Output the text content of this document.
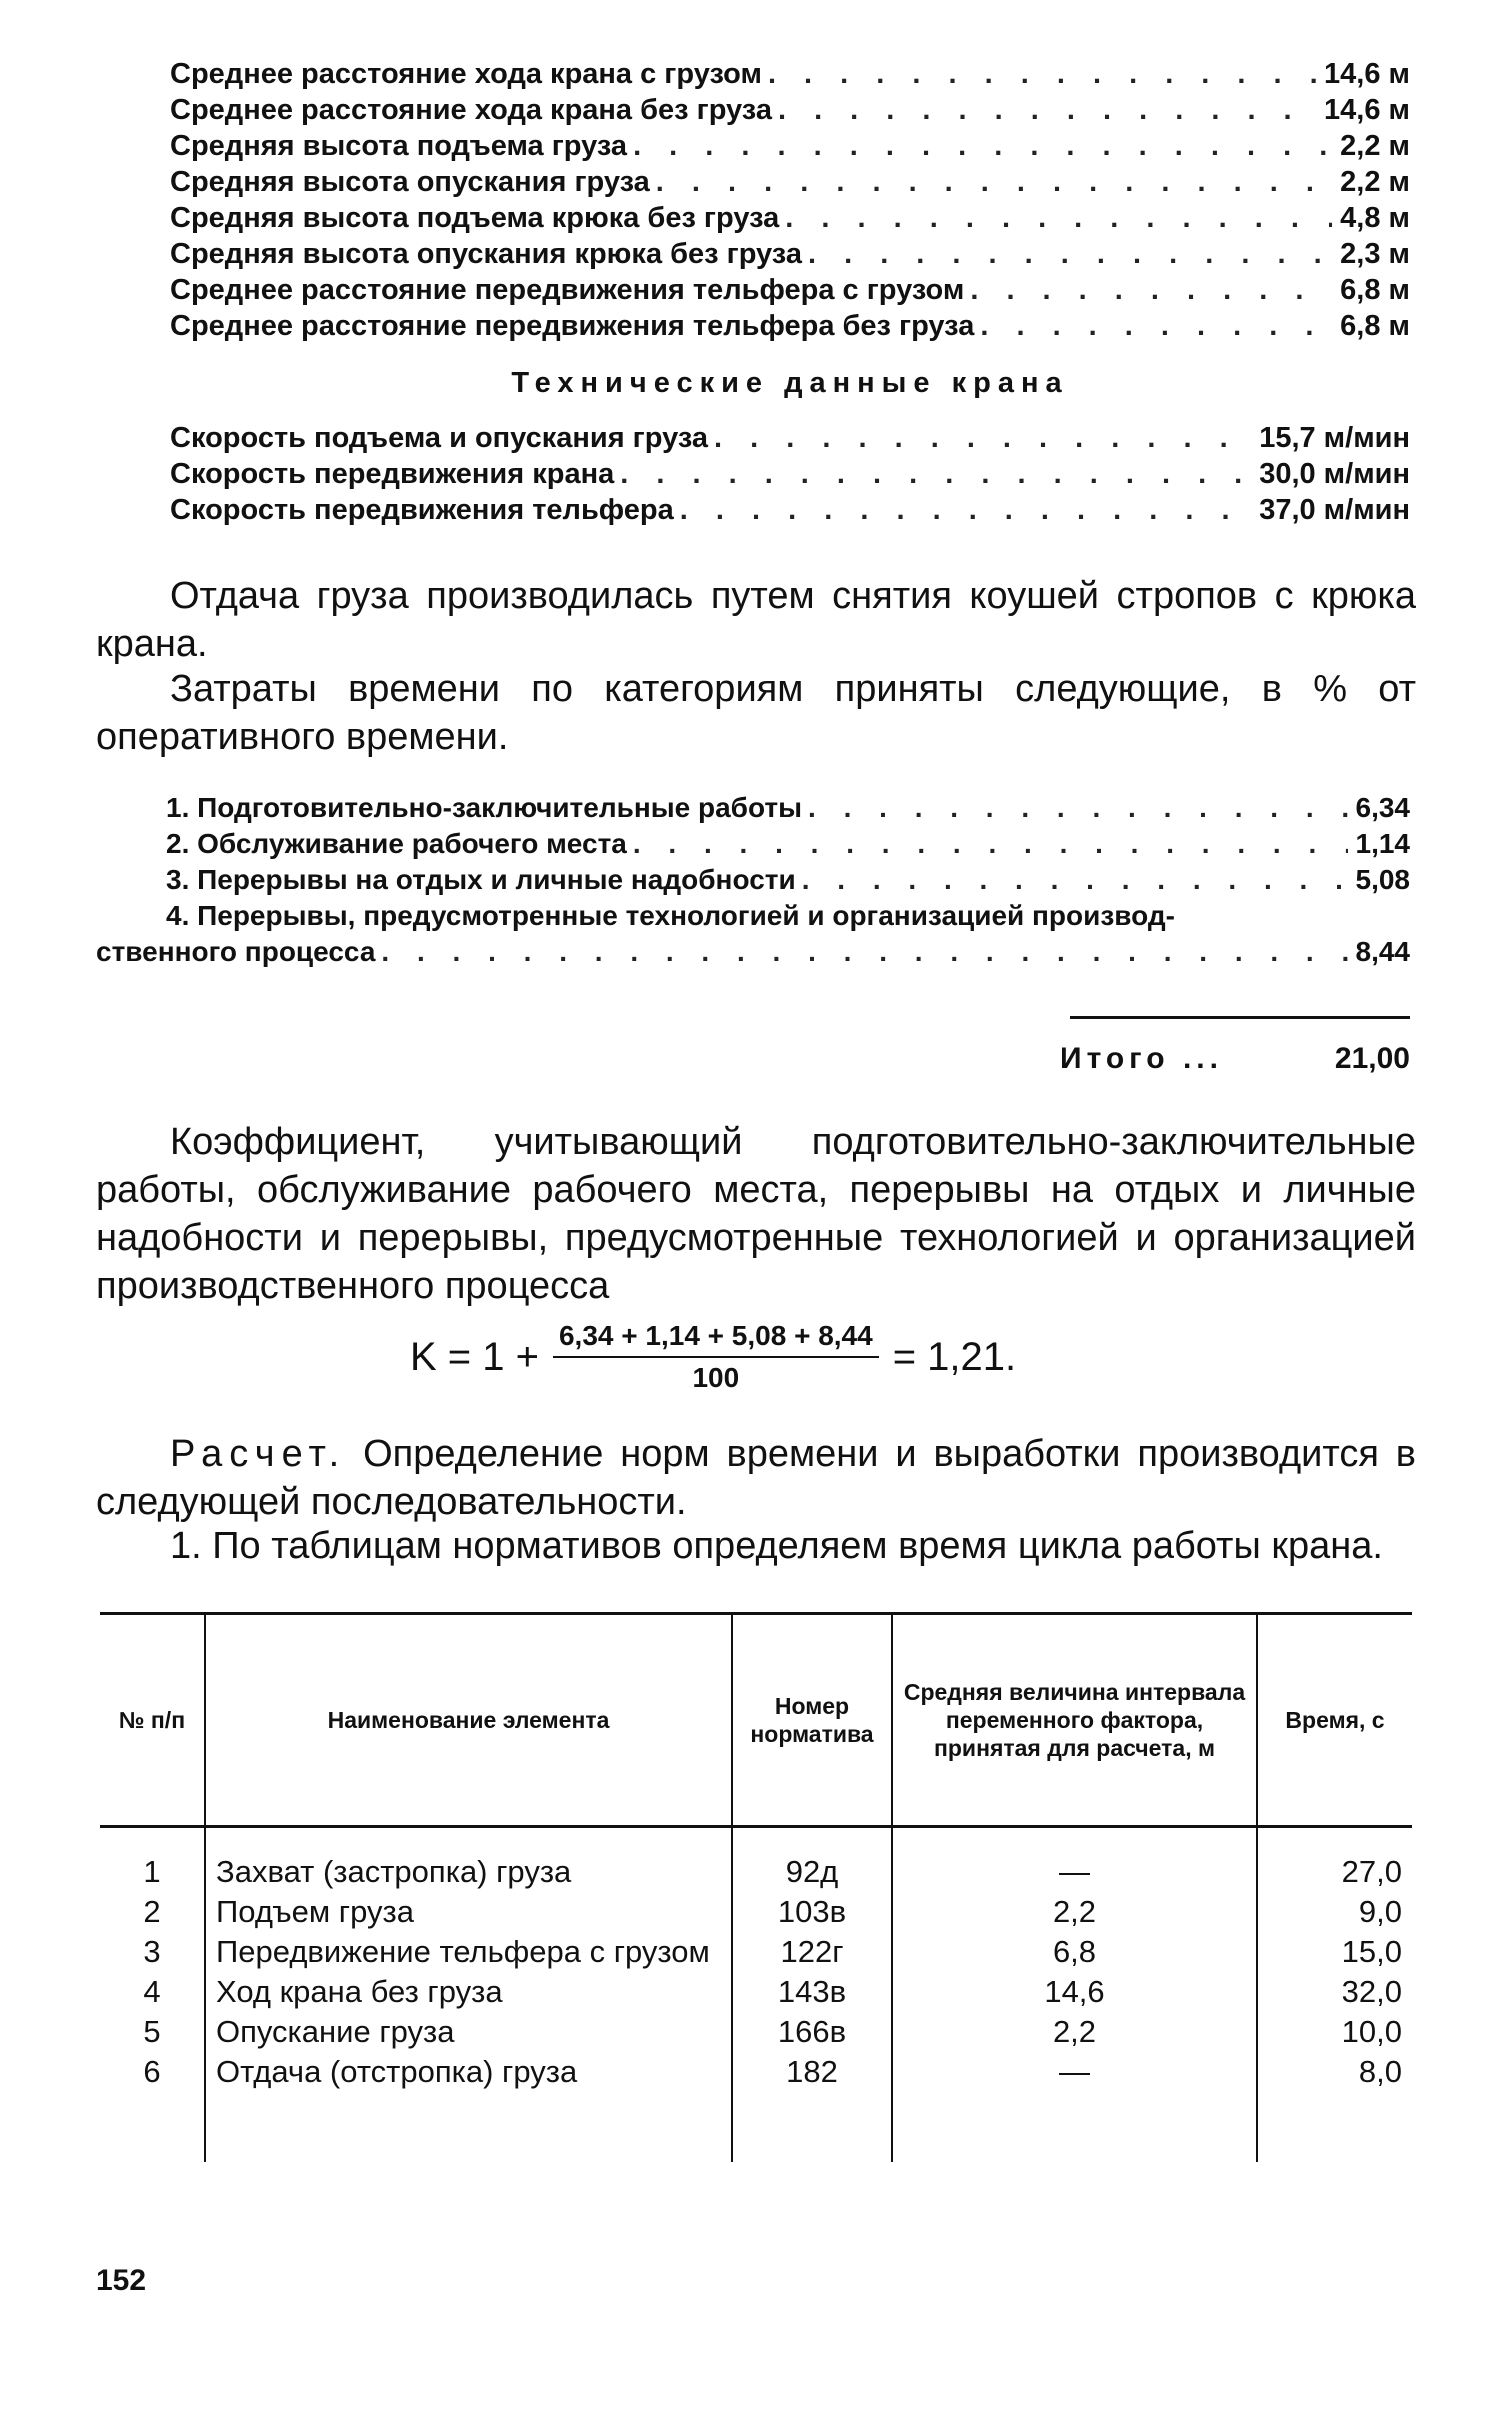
Среднее расстояние хода крана с грузом . . .	14,6 м
Среднее расстояние хода крана без груза . . .	14,6 м
Средняя высота подъема груза . . .	2,2 м
Средняя высота опускания груза . . .	2,2 м
Средняя высота подъема крюка без груза . . .	4,8 м
Средняя высота опускания крюка без груза . . .	2,3 м
Среднее расстояние передвижения тельфера с грузом . . .	6,8 м
Среднее расстояние передвижения тельфера без груза . . .	6,8 м
Технические данные крана
Скорость подъема и опускания груза . . .	15,7 м/мин
Скорость передвижения крана . . .	30,0 м/мин
Скорость передвижения тельфера . . .	37,0 м/мин
Отдача груза производилась путем снятия коушей стропов с крюка крана.
Затраты времени по категориям приняты следующие, в % от оперативного времени.
1. Подготовительно-заключительные работы . . .	6,34
2. Обслуживание рабочего места . . .	1,14
3. Перерывы на отдых и личные надобности . . .	5,08
4. Перерывы, предусмотренные технологией и организацией производ-
ственного процесса . . .	8,44
Итого ...	21,00
Коэффициент, учитывающий подготовительно-заключительные работы, обслуживание рабочего места, перерывы на отдых и личные надобности и перерывы, предусмотренные технологией и организацией производственного процесса
$K = 1 + \frac{6,34 + 1,14 + 5,08 + 8,44}{100} = 1,21$.
Расчет. Определение норм времени и выработки производится в следующей последовательности.
1. По таблицам нормативов определяем время цикла работы крана.
№ п/п	Наименование элемента	Номер норматива	Средняя величина интервала переменного фактора, принятая для расчета, м	Время, с
1	Захват (застропка) груза	92д	—	27,0
2	Подъем груза	103в	2,2	9,0
3	Передвижение тельфера с грузом	122г	6,8	15,0
4	Ход крана без груза	143в	14,6	32,0
5	Опускание груза	166в	2,2	10,0
6	Отдача (отстропка) груза	182	—	8,0

152
